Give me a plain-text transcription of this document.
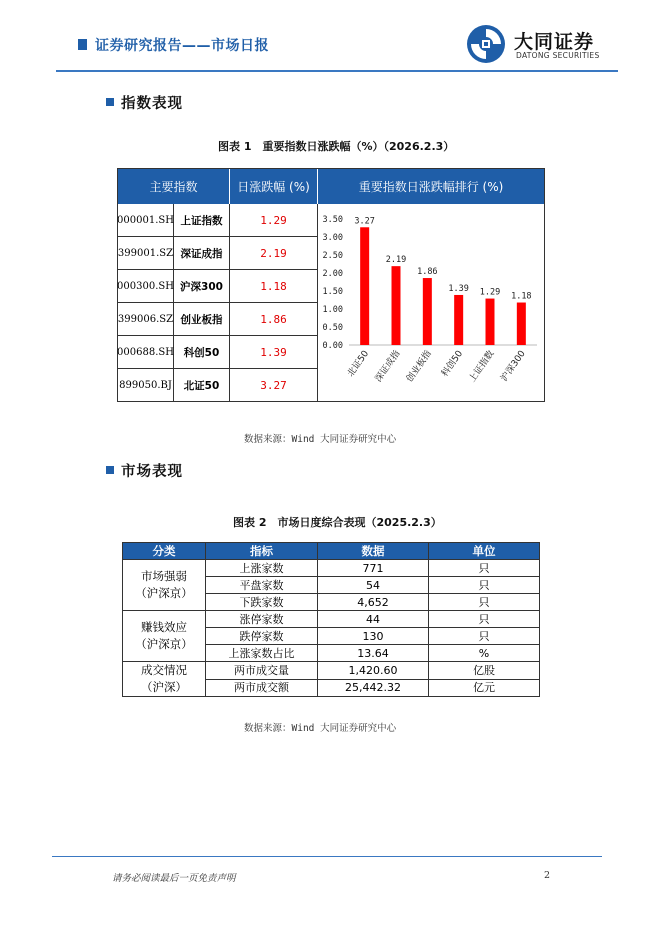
证券研究报告——市场日报	大同证券
DATONG SECURITIES
指数表现
图表 1　重要指数日涨跌幅（%）（2026.2.3）
主要指数	日涨跌幅 (%)	重要指数日涨跌幅排行 (%)
000001.SH 上证指数	1.29
399001.SZ 深证成指	2.19
000300.SH 沪深300	1.18
399006.SZ 创业板指	1.86
000688.SH 科创50	1.39
899050.BJ	北证50	3.27
3.50
3.00
2.50
2.00
1.50
1.00
0.50
0.00
3.27
北证50
2.19
深证成指
1.86
创业板指
1.39
科创50
1.29
上证指数
1.18
沪深300
数据来源：Wind 大同证券研究中心
市场表现
图表 2　市场日度综合表现（2025.2.3）
分类	指标	数据	单位

市场强弱
（沪深京）	上涨家数	771	只
	平盘家数	54	只
	下跌家数	4,652	只

赚钱效应
（沪深京）	涨停家数	44	只
	跌停家数	130	只
	上涨家数占比	13.64	%

成交情况
（沪深）	两市成交量	1,420.60	亿股
	两市成交额	25,442.32	亿元
数据来源：Wind 大同证券研究中心
请务必阅读最后一页免责声明	2
